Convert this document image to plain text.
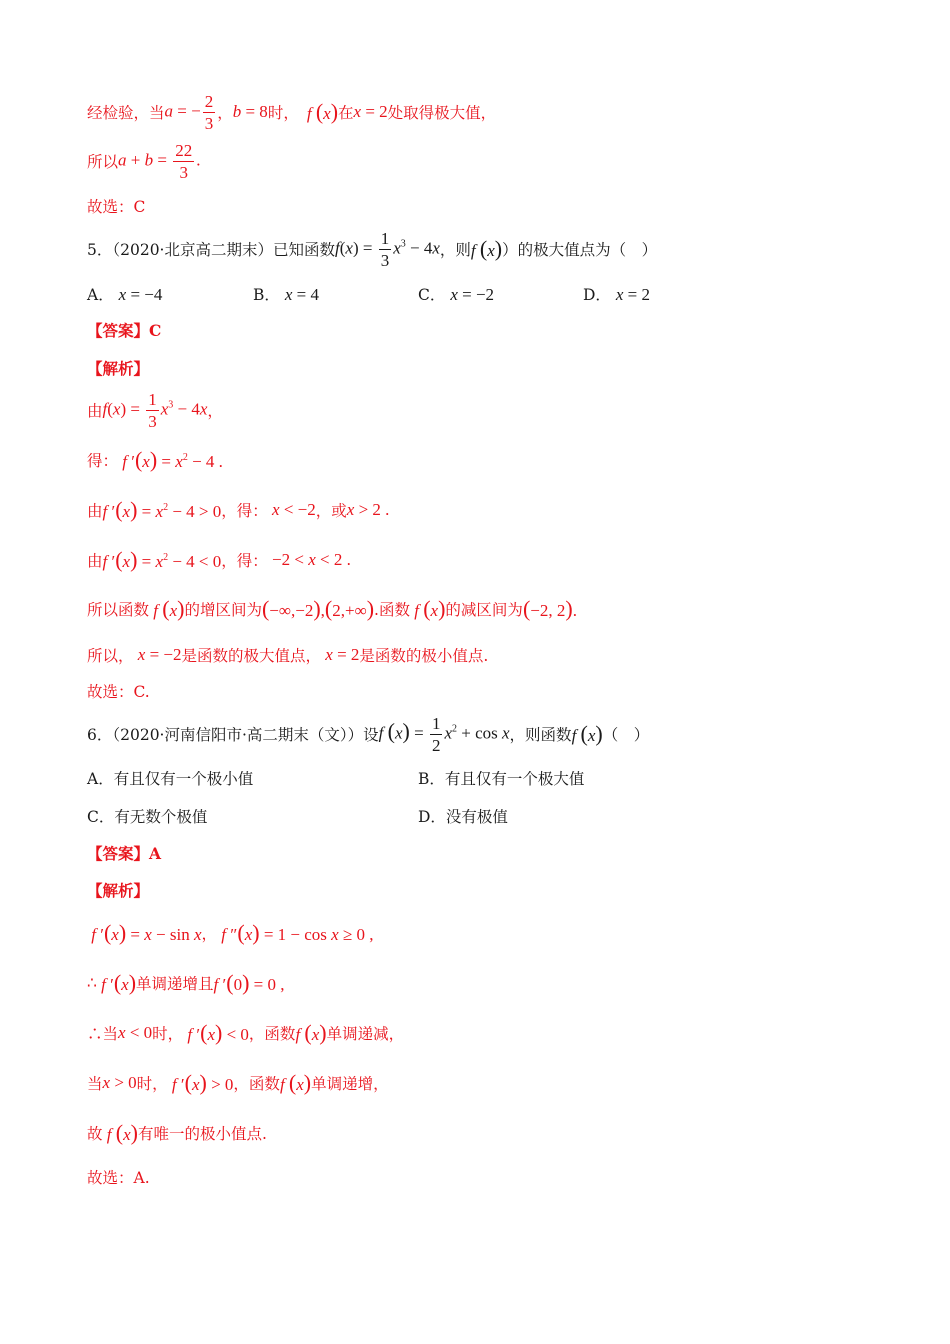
经检验，当 a = − $\frac{2}{3}$ ， b = 8 时， f (x) 在 x = 2 处取得极大值，
所以 $a + b = \frac{22}{3}$ .
故选：C
5．（2020·北京高二期末）已知函数 $f(x) = \frac{1}{3} x^3 - 4x$ ，则 f (x) ）的极大值点为（　）
A． x = −4	B． x = 4	C． x = −2	D． x = 2
【答案】C
【解析】
由 $f(x) = \frac{1}{3} x^3 - 4x$ ，
得： f $'(x) = x^2 - 4$ .
由 f $'(x) = x^2 - 4 > 0$ ，得： x < −2 ，或 x > 2 .
由 f $'(x) = x^2 - 4 < 0$ ，得： −2 < x < 2 .
所以函数 f (x) 的增区间为 (−∞,−2),(2,+∞) .函数 f (x) 的减区间为 (−2, 2).
所以， x = −2 是函数的极大值点， x = 2 是函数的极小值点.
故选：C.
6．（2020·河南信阳市·高二期末（文））设 f $(x) = \frac{1}{2} x^2 + \cos x$ ，则函数 f (x) （　）
A．有且仅有一个极小值	B．有且仅有一个极大值
C．有无数个极值	D．没有极值
【答案】A
【解析】
f ′(x) = x − sin x ， f ″(x) = 1 − cos x ≥ 0 ,
∴ f ′(x) 单调递增且 f ′(0) = 0 ,
∴当 x < 0 时， f ′(x) < 0 ，函数 f (x) 单调递减，
当 x > 0 时， f ′(x) > 0 ，函数 f (x) 单调递增，
故 f (x) 有唯一的极小值点.
故选：A.
